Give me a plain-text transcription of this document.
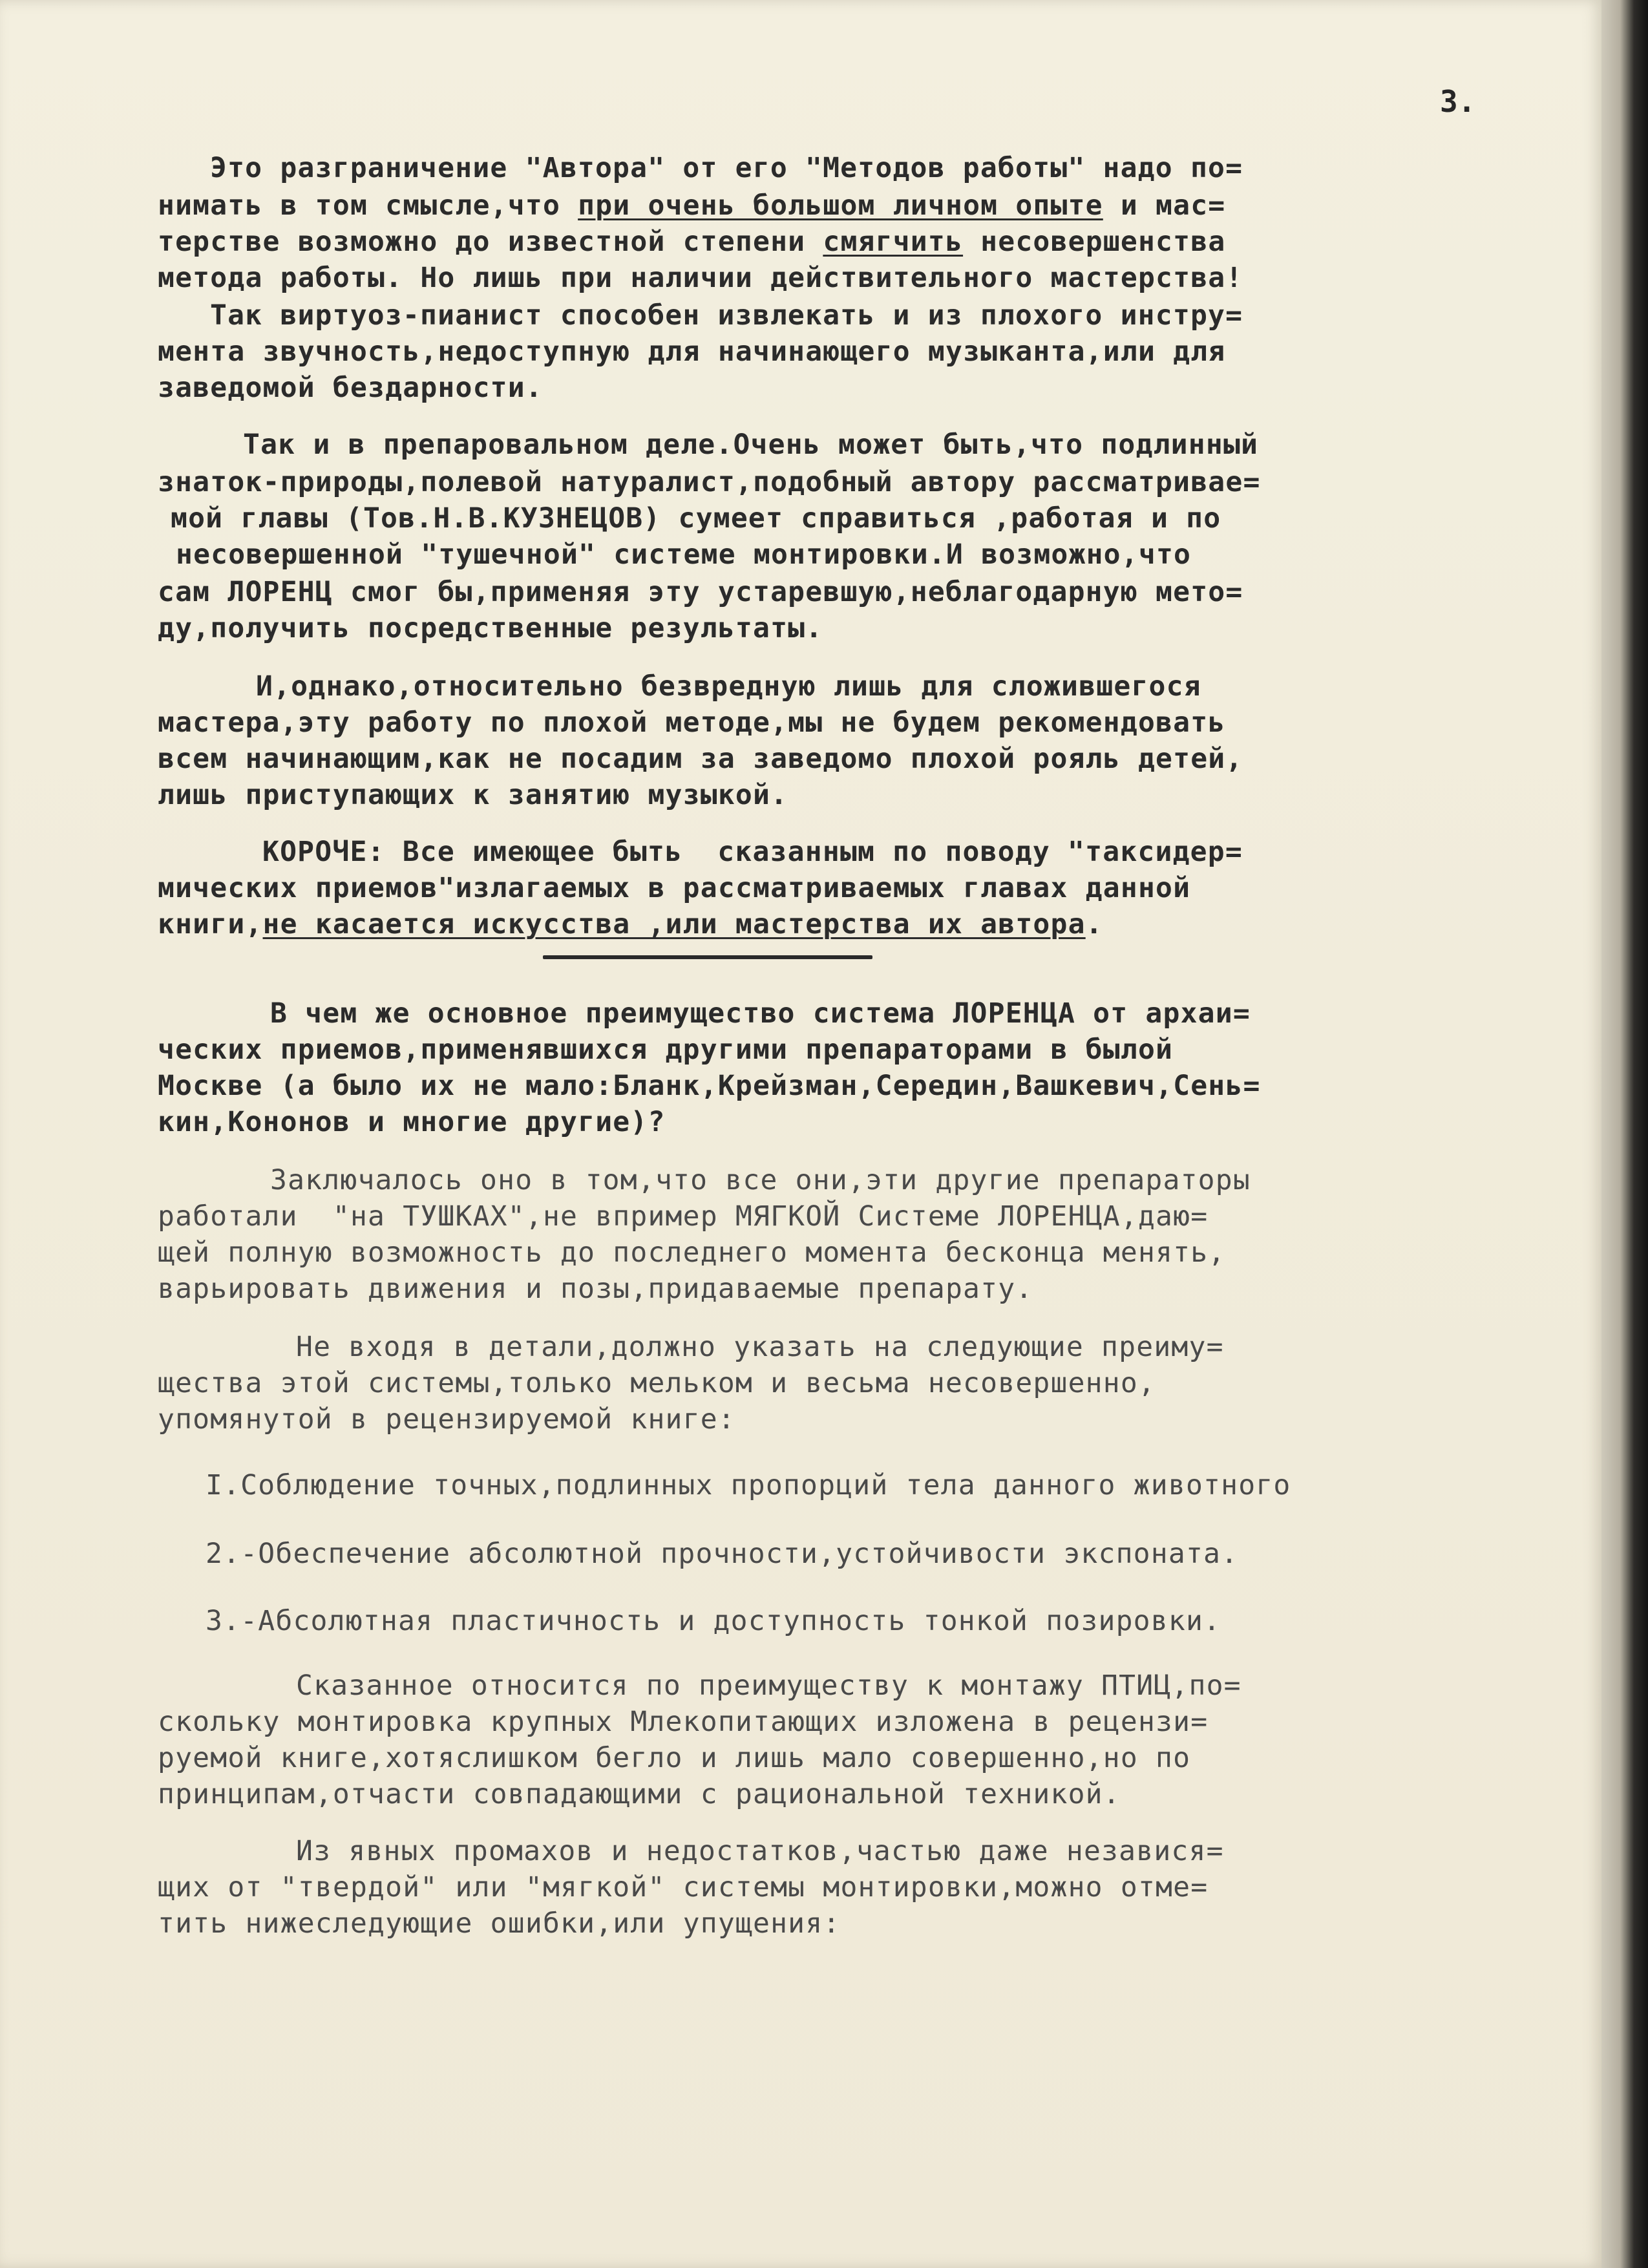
3.
Это разграничение "Автора" от его "Методов работы" надо по=
нимать в том смысле,что при очень большом личном опыте и мас=
терстве возможно до известной степени смягчить несовершенства
метода работы. Но лишь при наличии действительного мастерства!
Так виртуоз-пианист способен извлекать и из плохого инстру=
мента звучность,недоступную для начинающего музыканта,или для
заведомой бездарности.
Так и в препаровальном деле.Очень может быть,что подлинный
знаток-природы,полевой натуралист,подобный автору рассматривае=
мой главы (Тов.Н.В.КУЗНЕЦОВ) сумеет справиться ,работая и по
несовершенной "тушечной" системе монтировки.И возможно,что
сам ЛОРЕНЦ смог бы,применяя эту устаревшую,неблагодарную мето=
ду,получить посредственные результаты.
И,однако,относительно безвредную лишь для сложившегося
мастера,эту работу по плохой методе,мы не будем рекомендовать
всем начинающим,как не посадим за заведомо плохой рояль детей,
лишь приступающих к занятию музыкой.
КОРОЧЕ: Все имеющее быть  сказанным по поводу "таксидер=
мических приемов"излагаемых в рассматриваемых главах данной
книги,не касается искусства ,или мастерства их автора.
В чем же основное преимущество система ЛОРЕНЦА от архаи=
ческих приемов,применявшихся другими препараторами в былой
Москве (а было их не мало:Бланк,Крейзман,Середин,Вашкевич,Сень=
кин,Кононов и многие другие)?
Заключалось оно в том,что все они,эти другие препараторы
работали  "на ТУШКАХ",не впример МЯГКОЙ Системе ЛОРЕНЦА,даю=
щей полную возможность до последнего момента бесконца менять,
варьировать движения и позы,придаваемые препарату.
Не входя в детали,должно указать на следующие преиму=
щества этой системы,только мельком и весьма несовершенно,
упомянутой в рецензируемой книге:
I.Соблюдение точных,подлинных пропорций тела данного животного
2.-Обеспечение абсолютной прочности,устойчивости экспоната.
3.-Абсолютная пластичность и доступность тонкой позировки.
Сказанное относится по преимуществу к монтажу ПТИЦ,по=
скольку монтировка крупных Млекопитающих изложена в рецензи=
руемой книге,хотяслишком бегло и лишь мало совершенно,но по
принципам,отчасти совпадающими с рациональной техникой.
Из явных промахов и недостатков,частью даже независя=
щих от "твердой" или "мягкой" системы монтировки,можно отме=
тить нижеследующие ошибки,или упущения:
